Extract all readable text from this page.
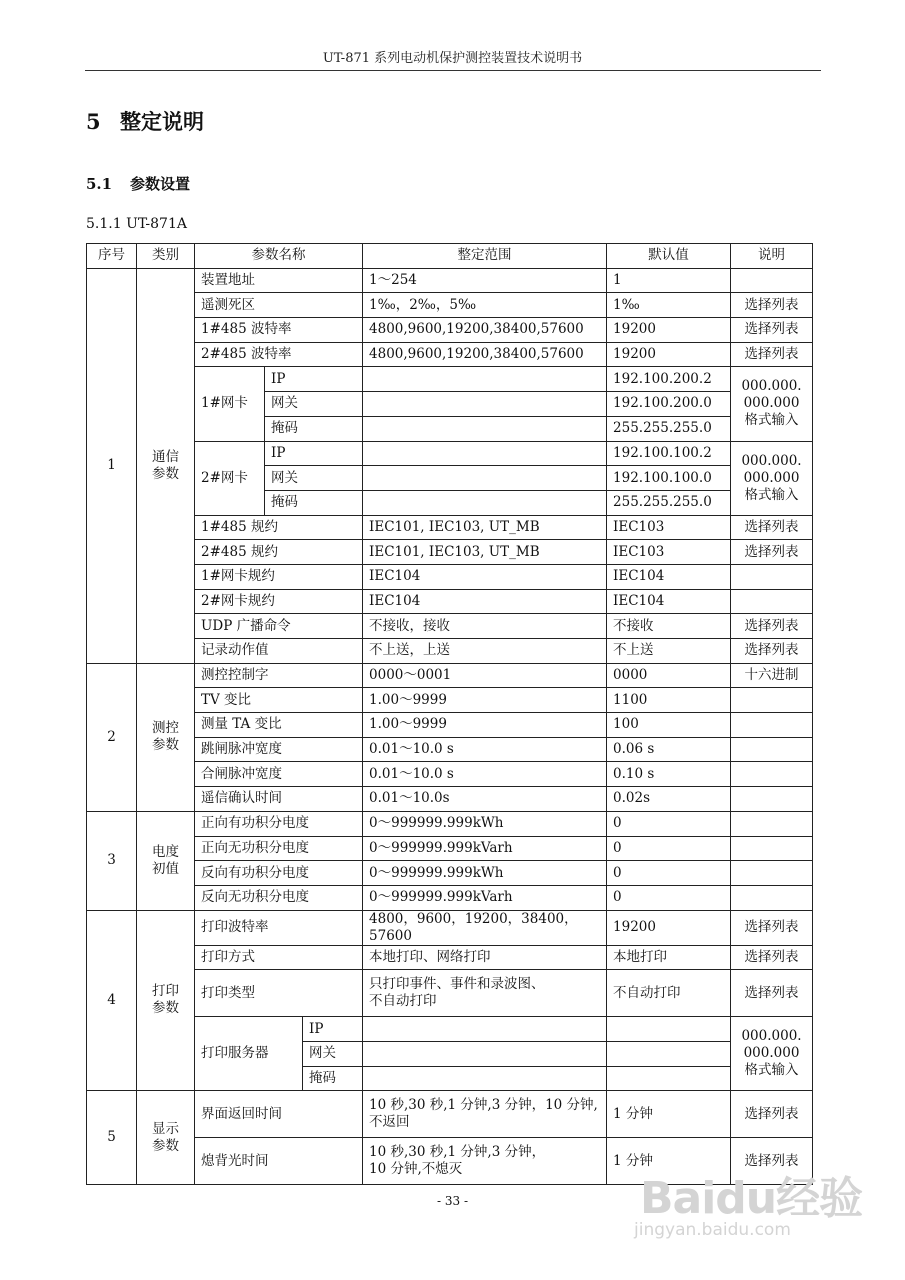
UT-871 系列电动机保护测控装置技术说明书
5 整定说明
5.1 参数设置
5.1.1 UT-871A
序号	类别	参数名称			整定范围	默认值	说明
1	通信
参数	装置地址			1～254	1	
		遥测死区			1‰，2‰，5‰	1‰	选择列表
		1#485 波特率			4800,9600,19200,38400,57600	19200	选择列表
		2#485 波特率			4800,9600,19200,38400,57600	19200	选择列表
		1#网卡	IP			192.100.200.2	000.000.
000.000
格式输入
			网关			192.100.200.0	
			掩码			255.255.255.0	
		2#网卡	IP			192.100.100.2	000.000.
000.000
格式输入
			网关			192.100.100.0	
			掩码			255.255.255.0	
		1#485 规约			IEC101, IEC103, UT_MB	IEC103	选择列表
		2#485 规约			IEC101, IEC103, UT_MB	IEC103	选择列表
		1#网卡规约			IEC104	IEC104	
		2#网卡规约			IEC104	IEC104	
		UDP 广播命令			不接收，接收	不接收	选择列表
		记录动作值			不上送，上送	不上送	选择列表
2	测控
参数	测控控制字			0000～0001	0000	十六进制
		TV 变比			1.00～9999	1100	
		测量 TA 变比			1.00～9999	100	
		跳闸脉冲宽度			0.01～10.0 s	0.06 s	
		合闸脉冲宽度			0.01～10.0 s	0.10 s	
		遥信确认时间			0.01～10.0s	0.02s	
3	电度
初值	正向有功积分电度			0～999999.999kWh	0	
		正向无功积分电度			0～999999.999kVarh	0	
		反向有功积分电度			0～999999.999kWh	0	
		反向无功积分电度			0～999999.999kVarh	0	
4	打印
参数	打印波特率			4800，9600，19200，38400，57600	19200	选择列表
		打印方式			本地打印、网络打印	本地打印	选择列表
		打印类型			只打印事件、事件和录波图、
不自动打印	不自动打印	选择列表
		打印服务器		IP			000.000.
000.000
格式输入
				网关			
				掩码			
5	显示
参数	界面返回时间			10 秒,30 秒,1 分钟,3 分钟，10 分钟,不返回	1 分钟	选择列表
		熄背光时间			10 秒,30 秒,1 分钟,3 分钟，
10 分钟,不熄灭	1 分钟	选择列表
- 33 -	Baidu经验
jingyan.baidu.com
